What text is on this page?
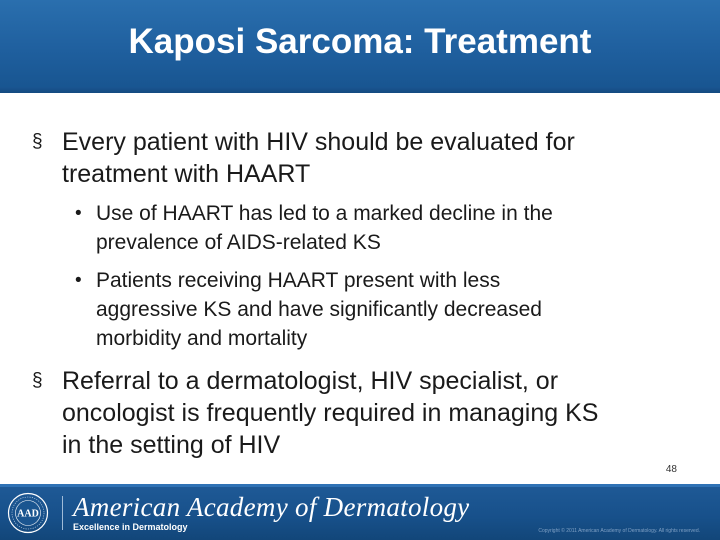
Kaposi Sarcoma: Treatment
§ Every patient with HIV should be evaluated for
treatment with HAART
• Use of HAART has led to a marked decline in the
prevalence of AIDS-related KS
• Patients receiving HAART present with less
aggressive KS and have significantly decreased
morbidity and mortality
§ Referral to a dermatologist, HIV specialist, or
oncologist is frequently required in managing KS
in the setting of HIV
48
AAD American Academy of Dermatology
Excellence in Dermatology	Copyright © 2011 American Academy of Dermatology. All rights reserved.
